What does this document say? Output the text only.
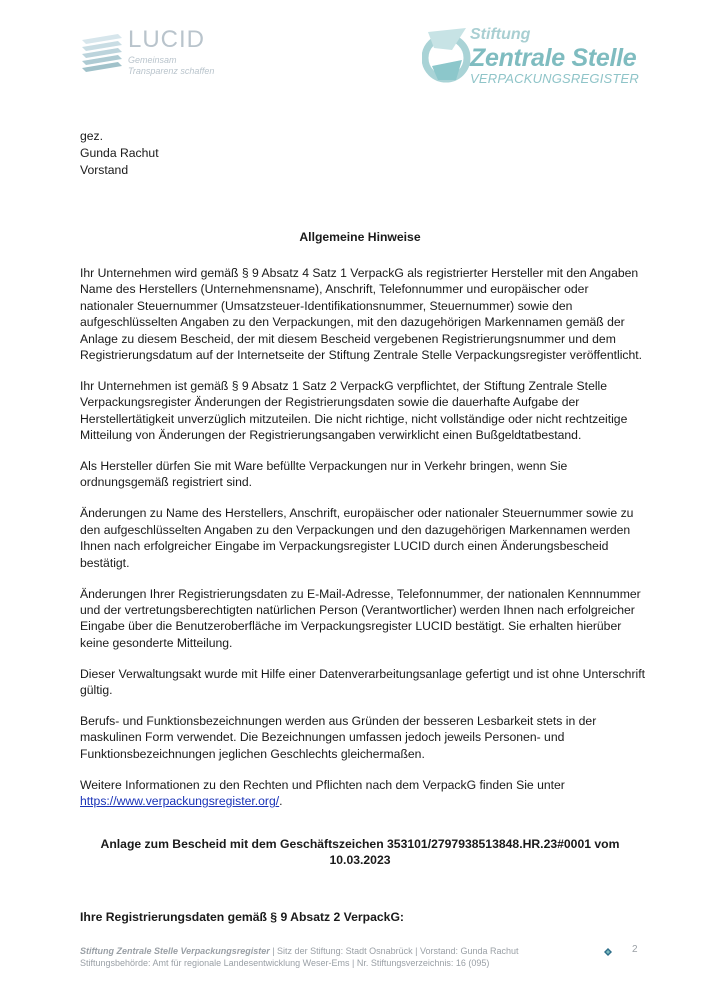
LUCID
Gemeinsam
Transparenz schaffen
Stiftung
Zentrale Stelle
VERPACKUNGSREGISTER
gez.
Gunda Rachut
Vorstand
Allgemeine Hinweise

Ihr Unternehmen wird gemäß § 9 Absatz 4 Satz 1 VerpackG als registrierter Hersteller mit den Angaben Name des Herstellers (Unternehmensname), Anschrift, Telefonnummer und europäischer oder nationaler Steuernummer (Umsatzsteuer-Identifikationsnummer, Steuernummer) sowie den aufgeschlüsselten Angaben zu den Verpackungen, mit den dazugehörigen Markennamen gemäß der Anlage zu diesem Bescheid, der mit diesem Bescheid vergebenen Registrierungsnummer und dem Registrierungsdatum auf der Internetseite der Stiftung Zentrale Stelle Verpackungsregister veröffentlicht.

Ihr Unternehmen ist gemäß § 9 Absatz 1 Satz 2 VerpackG verpflichtet, der Stiftung Zentrale Stelle Verpackungsregister Änderungen der Registrierungsdaten sowie die dauerhafte Aufgabe der Herstellertätigkeit unverzüglich mitzuteilen. Die nicht richtige, nicht vollständige oder nicht rechtzeitige Mitteilung von Änderungen der Registrierungsangaben verwirklicht einen Bußgeldtatbestand.

Als Hersteller dürfen Sie mit Ware befüllte Verpackungen nur in Verkehr bringen, wenn Sie ordnungsgemäß registriert sind.

Änderungen zu Name des Herstellers, Anschrift, europäischer oder nationaler Steuernummer sowie zu den aufgeschlüsselten Angaben zu den Verpackungen und den dazugehörigen Markennamen werden Ihnen nach erfolgreicher Eingabe im Verpackungsregister LUCID durch einen Änderungsbescheid bestätigt.

Änderungen Ihrer Registrierungsdaten zu E-Mail-Adresse, Telefonnummer, der nationalen Kennnummer und der vertretungsberechtigten natürlichen Person (Verantwortlicher) werden Ihnen nach erfolgreicher Eingabe über die Benutzeroberfläche im Verpackungsregister LUCID bestätigt. Sie erhalten hierüber keine gesonderte Mitteilung.

Dieser Verwaltungsakt wurde mit Hilfe einer Datenverarbeitungsanlage gefertigt und ist ohne Unterschrift gültig.

Berufs- und Funktionsbezeichnungen werden aus Gründen der besseren Lesbarkeit stets in der maskulinen Form verwendet. Die Bezeichnungen umfassen jedoch jeweils Personen- und Funktionsbezeichnungen jeglichen Geschlechts gleichermaßen.

Weitere Informationen zu den Rechten und Pflichten nach dem VerpackG finden Sie unter https://www.verpackungsregister.org/.

Anlage zum Bescheid mit dem Geschäftszeichen 353101/2797938513848.HR.23#0001 vom
10.03.2023
Ihre Registrierungsdaten gemäß § 9 Absatz 2 VerpackG:
Stiftung Zentrale Stelle Verpackungsregister | Sitz der Stiftung: Stadt Osnabrück | Vorstand: Gunda Rachut
Stiftungsbehörde: Amt für regionale Landesentwicklung Weser-Ems | Nr. Stiftungsverzeichnis: 16 (095)
2
